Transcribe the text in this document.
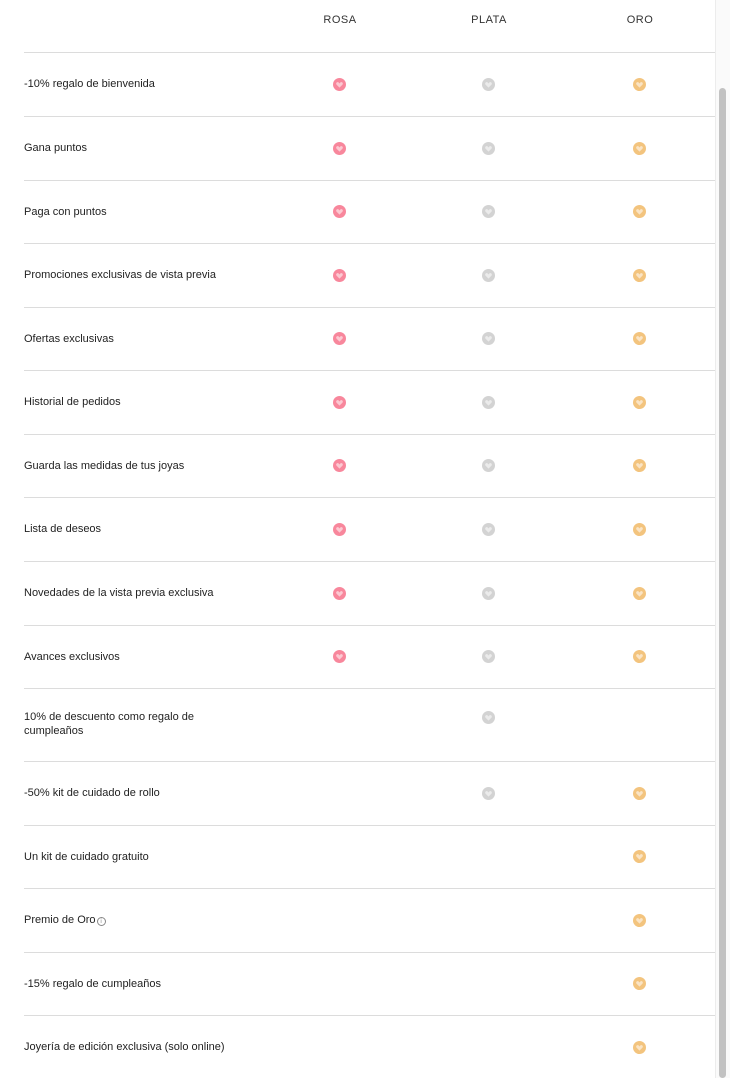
ROSA	PLATA	ORO
-10% regalo de bienvenida
Gana puntos
Paga con puntos
Promociones exclusivas de vista previa
Ofertas exclusivas
Historial de pedidos
Guarda las medidas de tus joyas
Lista de deseos
Novedades de la vista previa exclusiva
Avances exclusivos
10% de descuento como regalo de cumpleaños
-50% kit de cuidado de rollo
Un kit de cuidado gratuito
Premio de Oro i
-15% regalo de cumpleaños
Joyería de edición exclusiva (solo online)
